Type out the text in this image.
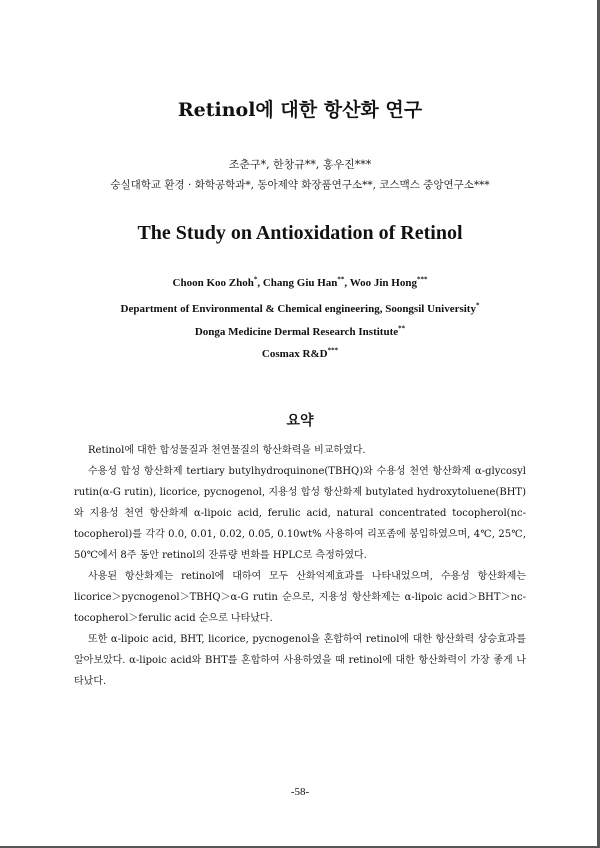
Retinol에 대한 항산화 연구
조춘구*, 한창규**, 홍우진***
숭실대학교 환경 · 화학공학과*, 동아제약 화장품연구소**, 코스맥스 중앙연구소***
The Study on Antioxidation of Retinol
Choon Koo Zhoh*, Chang Giu Han**, Woo Jin Hong***
Department of Environmental & Chemical engineering, Soongsil University*
Donga Medicine Dermal Research Institute**
Cosmax R&D***
요약

Retinol에 대한 합성물질과 천연물질의 항산화력을 비교하였다.

수용성 합성 항산화제 tertiary butylhydroquinone(TBHQ)와 수용성 천연 항산화제 α-glycosyl rutin(α-G rutin), licorice, pycnogenol, 지용성 합성 항산화제 butylated hydroxytoluene(BHT)와 지용성 천연 항산화제 α-lipoic acid, ferulic acid, natural concentrated tocopherol(nc-tocopherol)를 각각 0.0, 0.01, 0.02, 0.05, 0.10wt% 사용하여 리포좀에 봉입하였으며, 4℃, 25℃, 50℃에서 8주 동안 retinol의 잔류량 변화를 HPLC로 측정하였다.

사용된 항산화제는 retinol에 대하여 모두 산화억제효과를 나타내었으며, 수용성 항산화제는 licorice＞pycnogenol＞TBHQ＞α-G rutin 순으로, 지용성 항산화제는 α-lipoic acid＞BHT＞nc-tocopherol＞ferulic acid 순으로 나타났다.

또한 α-lipoic acid, BHT, licorice, pycnogenol을 혼합하여 retinol에 대한 항산화력 상승효과를 알아보았다. α-lipoic acid와 BHT를 혼합하여 사용하였을 때 retinol에 대한 항산화력이 가장 좋게 나타났다.

-58-
